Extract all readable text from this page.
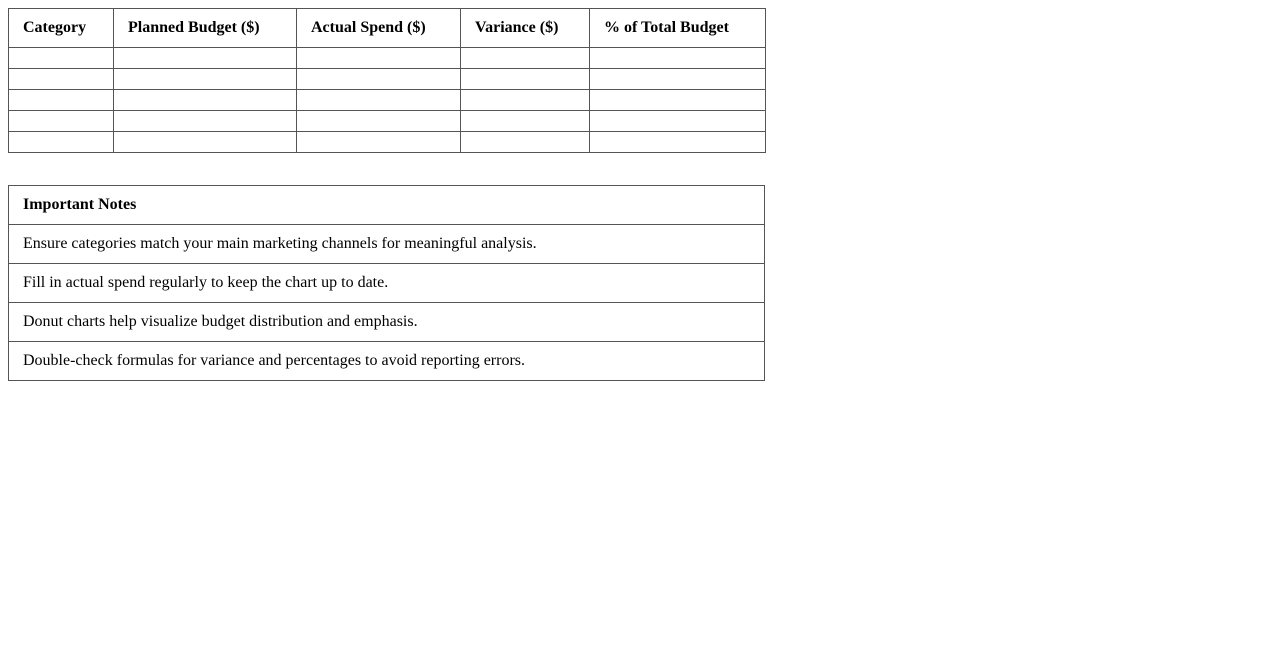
Category	Planned Budget ($)	Actual Spend ($)	Variance ($)	% of Total Budget

Important Notes
Ensure categories match your main marketing channels for meaningful analysis.
Fill in actual spend regularly to keep the chart up to date.
Donut charts help visualize budget distribution and emphasis.
Double-check formulas for variance and percentages to avoid reporting errors.
